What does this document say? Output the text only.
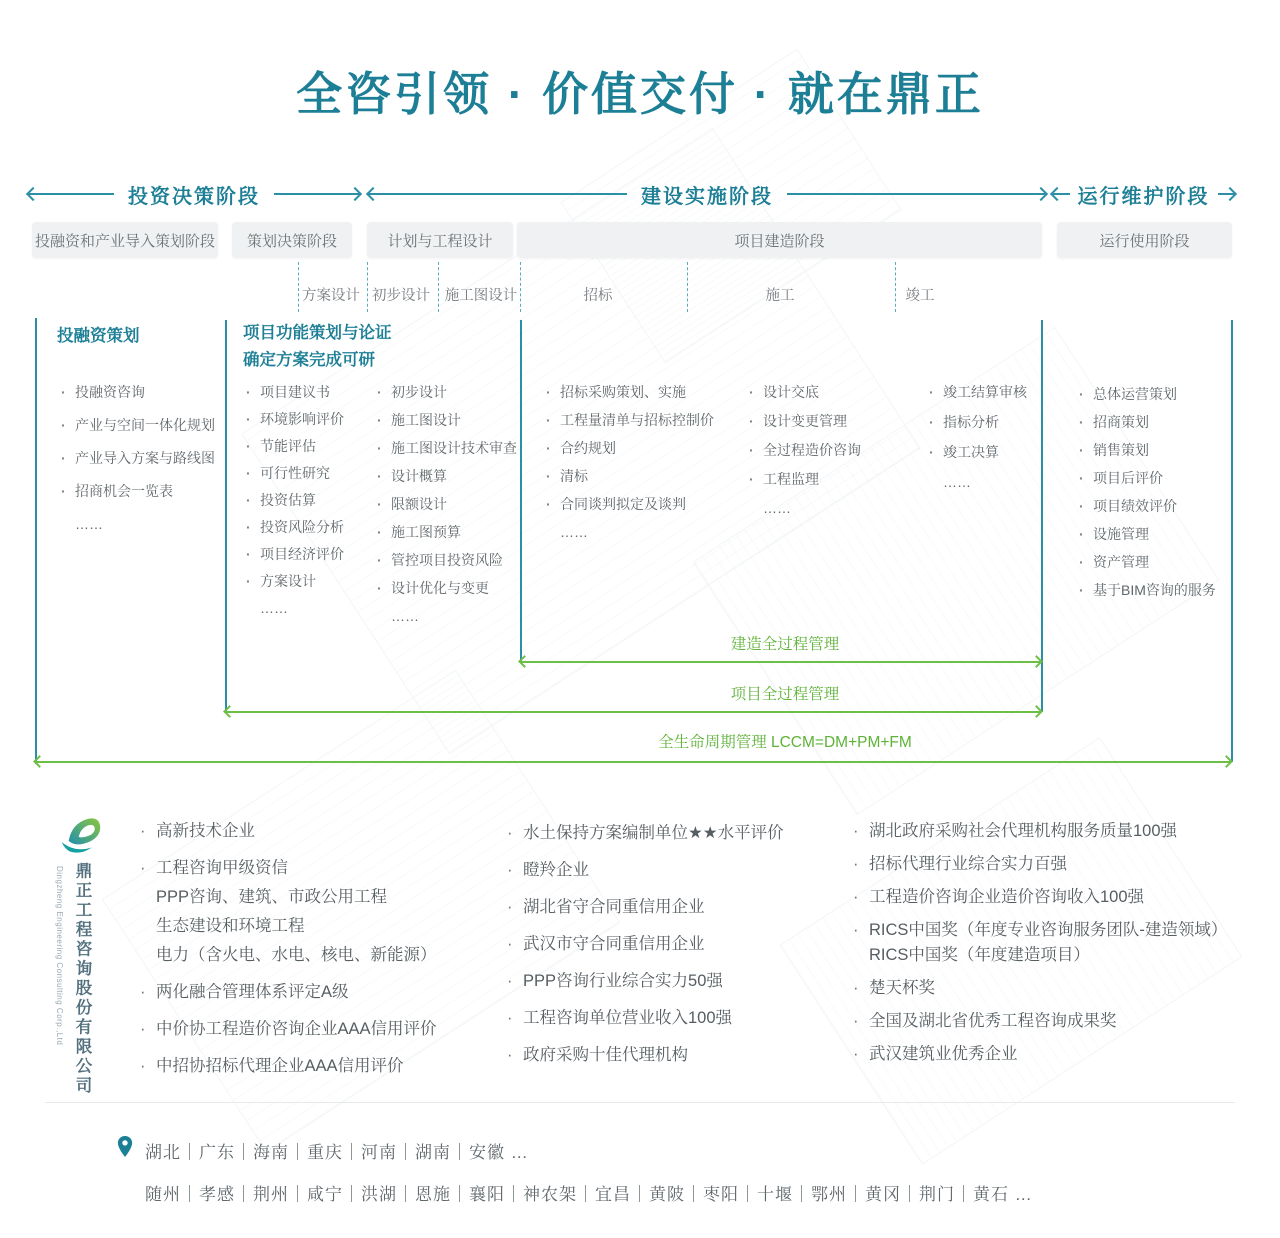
全咨引领 · 价值交付 · 就在鼎正
投资决策阶段	建设实施阶段	运行维护阶段
投融资和产业导入策划阶段	策划决策阶段	计划与工程设计	项目建造阶段	运行使用阶段
方案设计 初步设计 施工图设计	招标	施工	竣工
投融资策划
· 投融资咨询
· 产业与空间一体化规划
· 产业导入方案与路线图
· 招商机会一览表
……
项目功能策划与论证
确定方案完成可研
· 项目建议书
· 环境影响评价
· 节能评估
· 可行性研究
· 投资估算
· 投资风险分析
· 项目经济评价
· 方案设计
……
· 初步设计
· 施工图设计
· 施工图设计技术审查
· 设计概算
· 限额设计
· 施工图预算
· 管控项目投资风险
· 设计优化与变更
……
· 招标采购策划、实施
· 工程量清单与招标控制价
· 合约规划
· 清标
· 合同谈判拟定及谈判
……
· 设计交底
· 设计变更管理
· 全过程造价咨询
· 工程监理
……
· 竣工结算审核
· 指标分析
· 竣工决算
……
· 总体运营策划
· 招商策划
· 销售策划
· 项目后评价
· 项目绩效评价
· 设施管理
· 资产管理
· 基于BIM咨询的服务
建造全过程管理
项目全过程管理
全生命周期管理 LCCM=DM+PM+FM
鼎正工程咨询股份有限公司
Dingzheng Engineering Consulting Corp.,Ltd
· 高新技术企业
· 工程咨询甲级资信
PPP咨询、建筑、市政公用工程
生态建设和环境工程
电力（含火电、水电、核电、新能源）
· 两化融合管理体系评定A级
· 中价协工程造价咨询企业AAA信用评价
· 中招协招标代理企业AAA信用评价
· 水土保持方案编制单位★★水平评价
· 瞪羚企业
· 湖北省守合同重信用企业
· 武汉市守合同重信用企业
· PPP咨询行业综合实力50强
· 工程咨询单位营业收入100强
· 政府采购十佳代理机构
· 湖北政府采购社会代理机构服务质量100强
· 招标代理行业综合实力百强
· 工程造价咨询企业造价咨询收入100强
· RICS中国奖（年度专业咨询服务团队-建造领域）
RICS中国奖（年度建造项目）
· 楚天杯奖
· 全国及湖北省优秀工程咨询成果奖
· 武汉建筑业优秀企业
湖北｜广东｜海南｜重庆｜河南｜湖南｜安徽 …
随州｜孝感｜荆州｜咸宁｜洪湖｜恩施｜襄阳｜神农架｜宜昌｜黄陂｜枣阳｜十堰｜鄂州｜黄冈｜荆门｜黄石 …
